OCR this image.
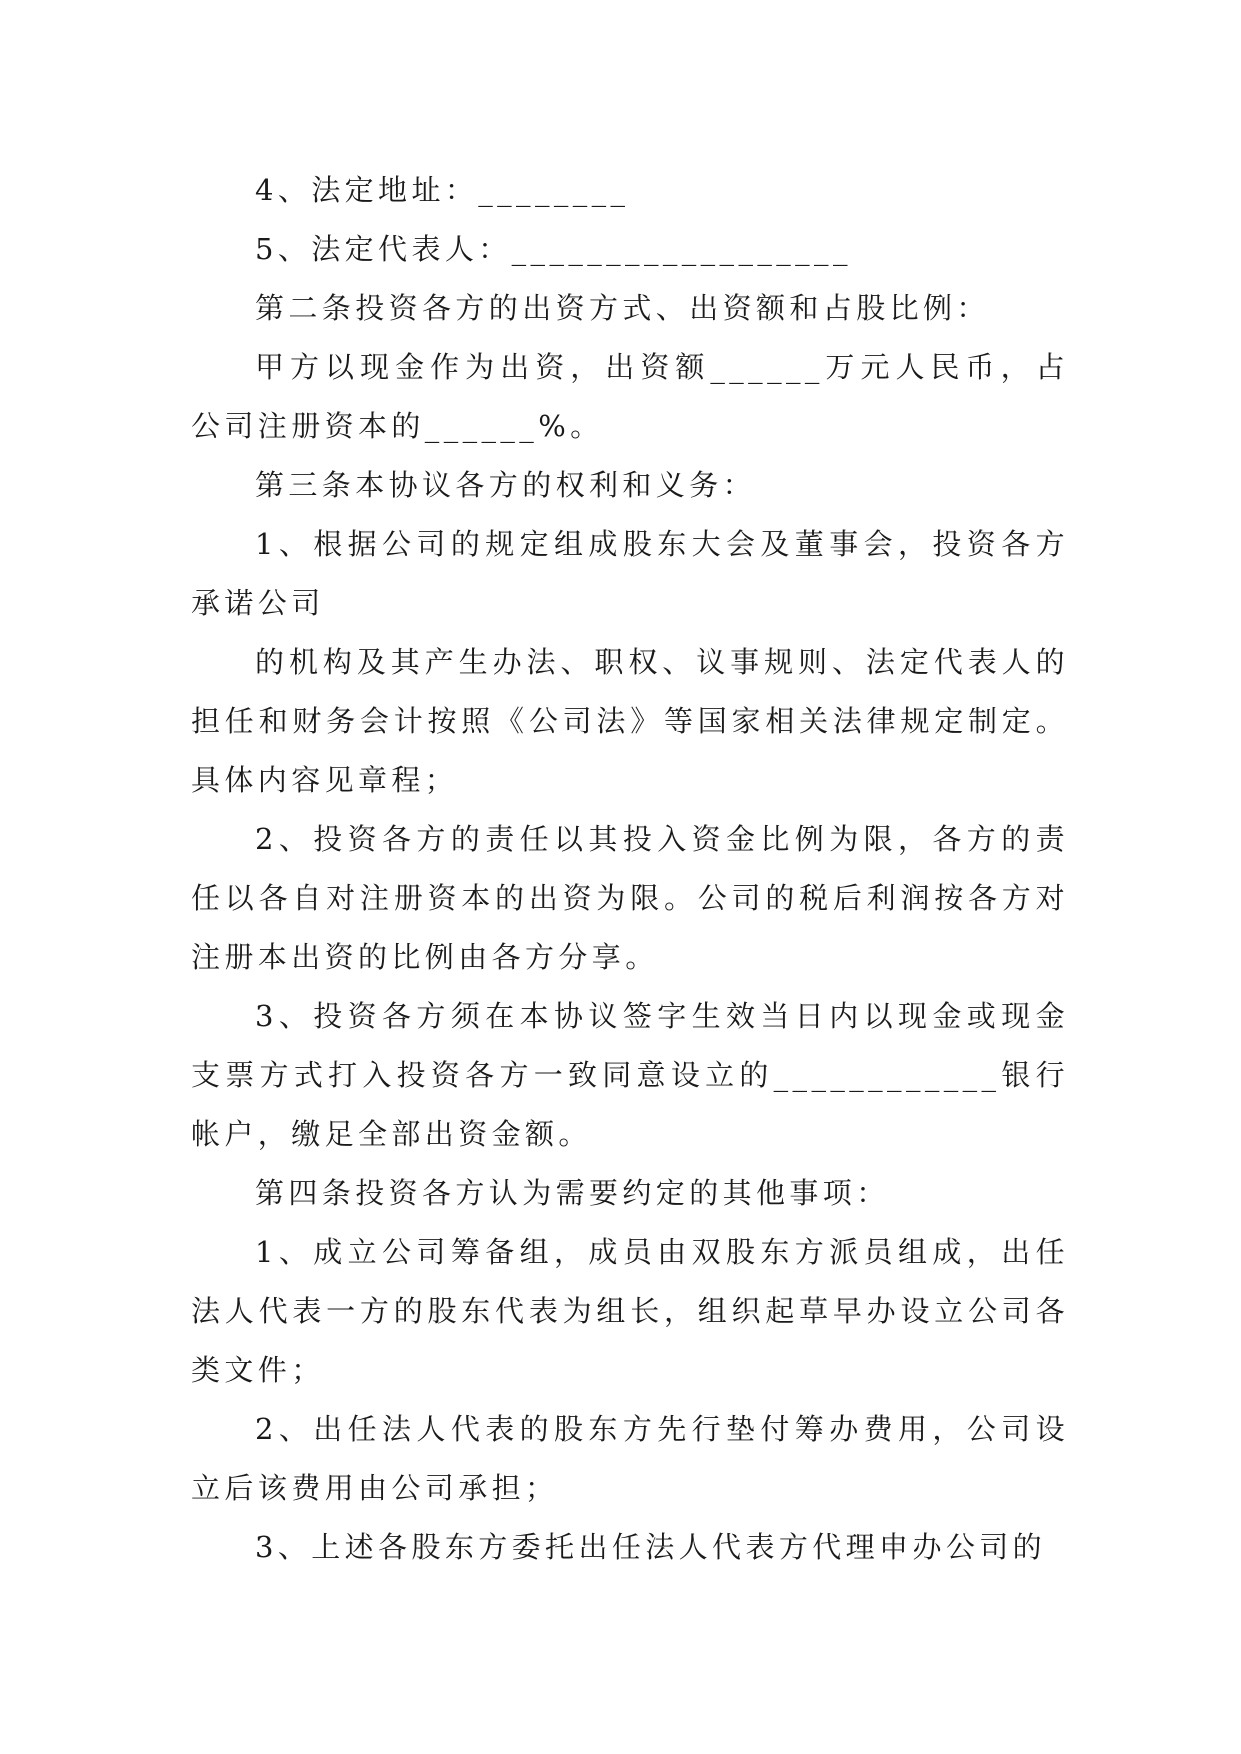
4、法定地址：________

5、法定代表人：__________________

第二条投资各方的出资方式、出资额和占股比例：

甲方以现金作为出资，出资额______万元人民币，占公司注册资本的______%。

第三条本协议各方的权利和义务：

1、根据公司的规定组成股东大会及董事会，投资各方承诺公司

的机构及其产生办法、职权、议事规则、法定代表人的担任和财务会计按照《公司法》等国家相关法律规定制定。具体内容见章程；

2、投资各方的责任以其投入资金比例为限，各方的责任以各自对注册资本的出资为限。公司的税后利润按各方对注册本出资的比例由各方分享。

3、投资各方须在本协议签字生效当日内以现金或现金支票方式打入投资各方一致同意设立的____________银行帐户，缴足全部出资金额。

第四条投资各方认为需要约定的其他事项：

1、成立公司筹备组，成员由双股东方派员组成，出任法人代表一方的股东代表为组长，组织起草早办设立公司各类文件；

2、出任法人代表的股东方先行垫付筹办费用，公司设立后该费用由公司承担；

3、上述各股东方委托出任法人代表方代理申办公司的
